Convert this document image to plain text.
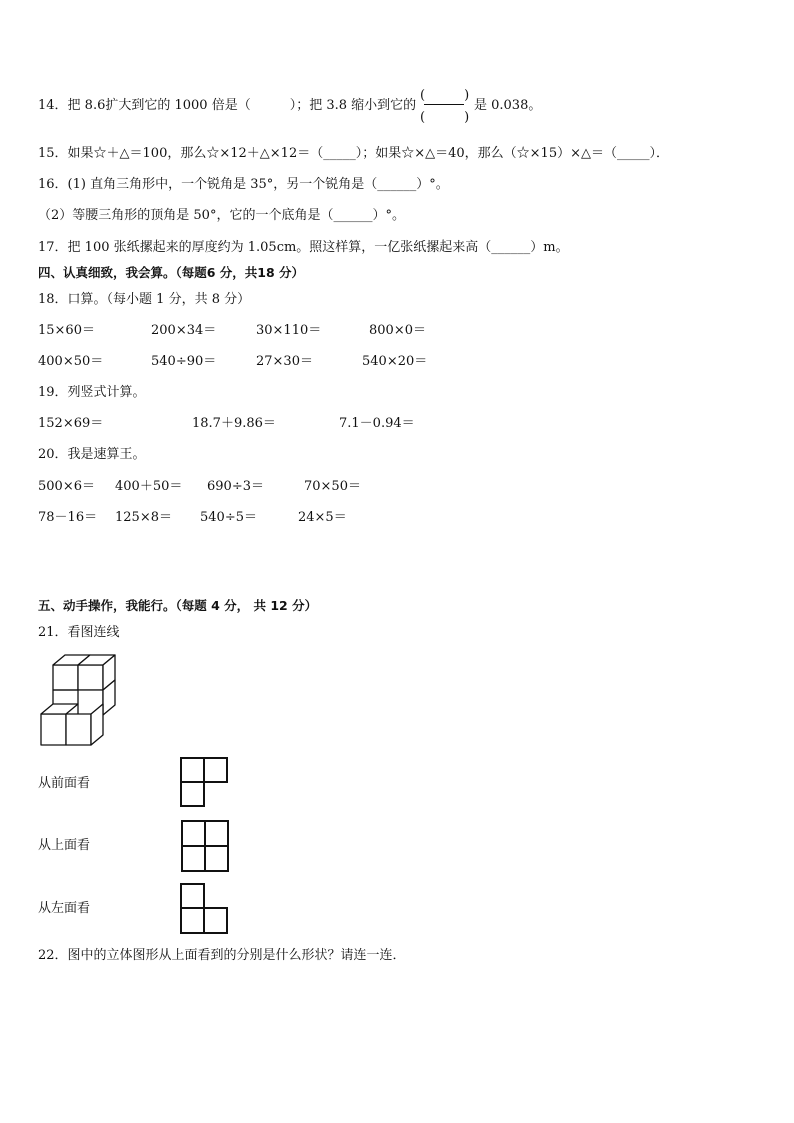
14．把 8.6扩大到它的 1000 倍是（　　　）；把 3.8 缩小到它的
(　　　)
(　　　)
是 0.038。
15．如果☆＋△＝100，那么☆×12＋△×12＝（_____）；如果☆×△＝40，那么（☆×15）×△＝（_____）．
16．(1) 直角三角形中，一个锐角是 35°，另一个锐角是（______）°。
（2）等腰三角形的顶角是 50°，它的一个底角是（______）°。
17．把 100 张纸摞起来的厚度约为 1.05cm。照这样算，一亿张纸摞起来高（______）m。
四、认真细致，我会算。（每题6 分，共18 分）
18．口算。（每小题 1 分，共 8 分）
15×60＝	200×34＝	30×110＝	800×0＝
400×50＝	540÷90＝	27×30＝	540×20＝
19．列竖式计算。
152×69＝	18.7＋9.86＝	7.1－0.94＝
20．我是速算王。
500×6＝ 400＋50＝ 690÷3＝	70×50＝
78－16＝ 125×8＝ 540÷5＝	24×5＝
五、动手操作，我能行。（每题 4 分， 共 12 分）
21．看图连线
从前面看
从上面看
从左面看
22．图中的立体图形从上面看到的分别是什么形状？请连一连．
